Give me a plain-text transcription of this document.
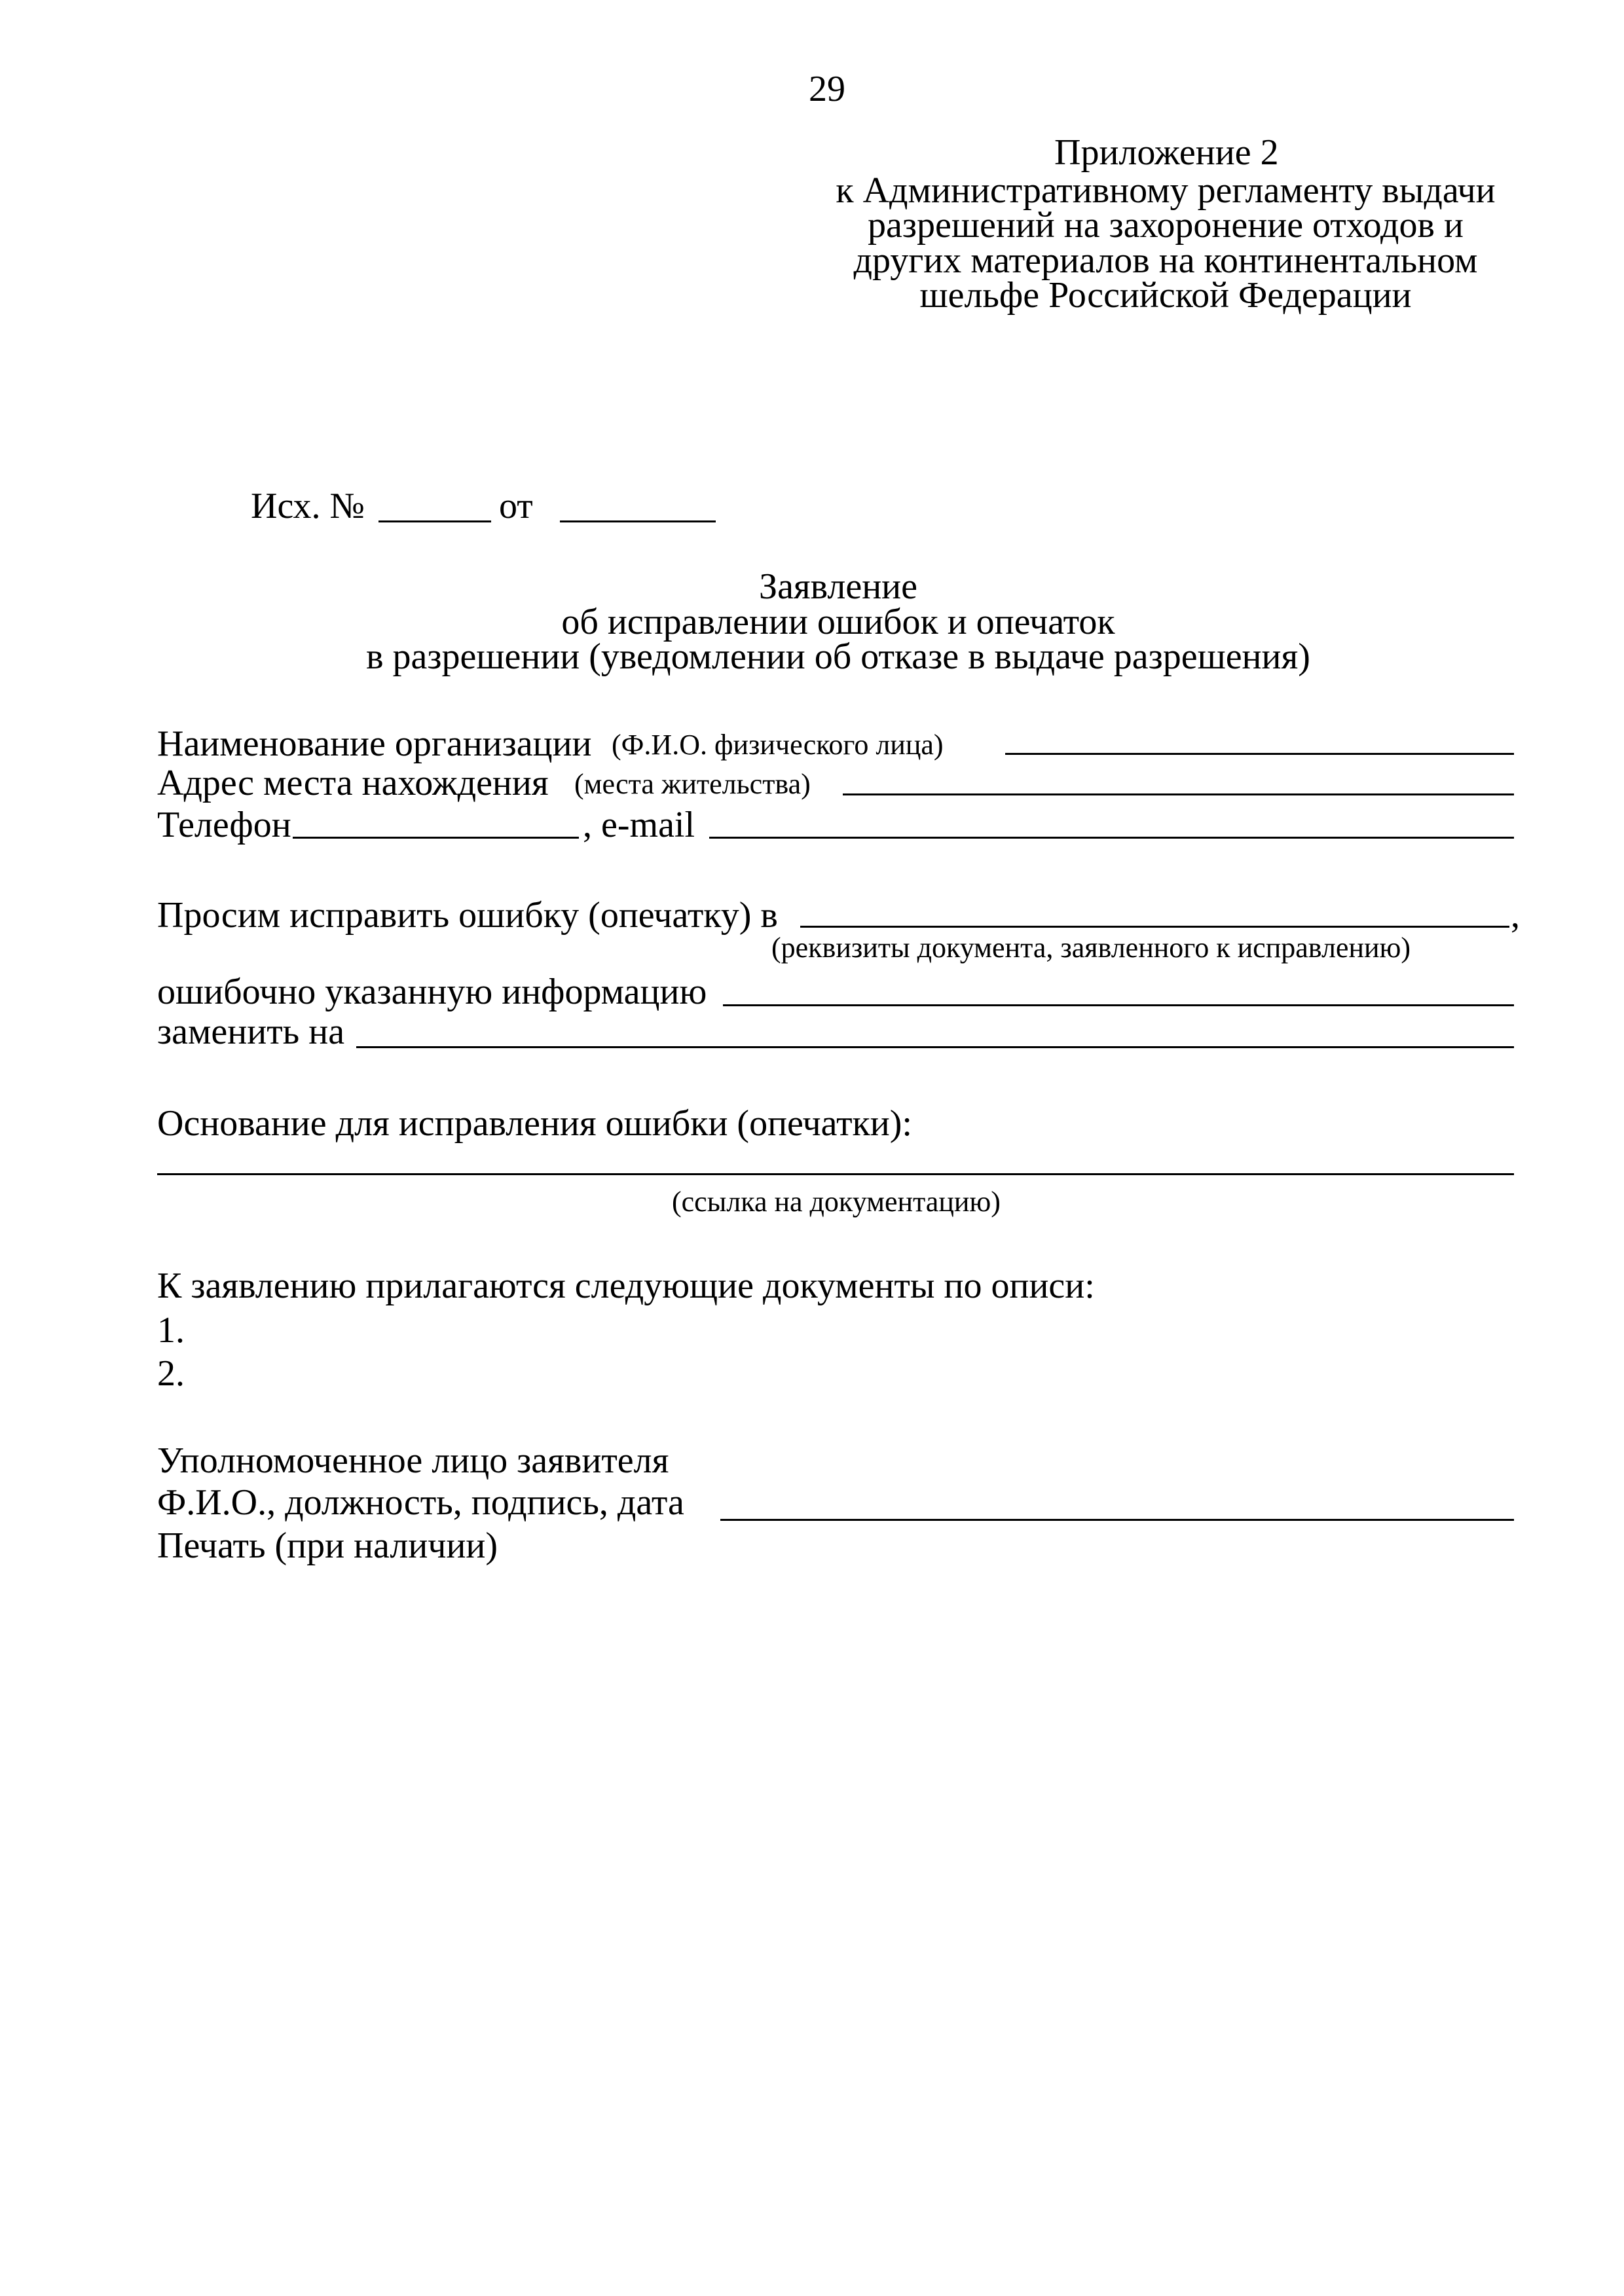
29
Приложение 2
к Административному регламенту выдачи
разрешений на захоронение отходов и
других материалов на континентальном
шельфе Российской Федерации
Исх. №	от
Заявление
об исправлении ошибок и опечаток
в разрешении (уведомлении об отказе в выдаче разрешения)
Наименование организации (Ф.И.О. физического лица)
Адрес места нахождения (места жительства)
Телефон	, e-mail
Просим исправить ошибку (опечатку) в	,
(реквизиты документа, заявленного к исправлению)
ошибочно указанную информацию
заменить на
Основание для исправления ошибки (опечатки):
(ссылка на документацию)
К заявлению прилагаются следующие документы по описи:
1.
2.
Уполномоченное лицо заявителя
Ф.И.О., должность, подпись, дата
Печать (при наличии)
